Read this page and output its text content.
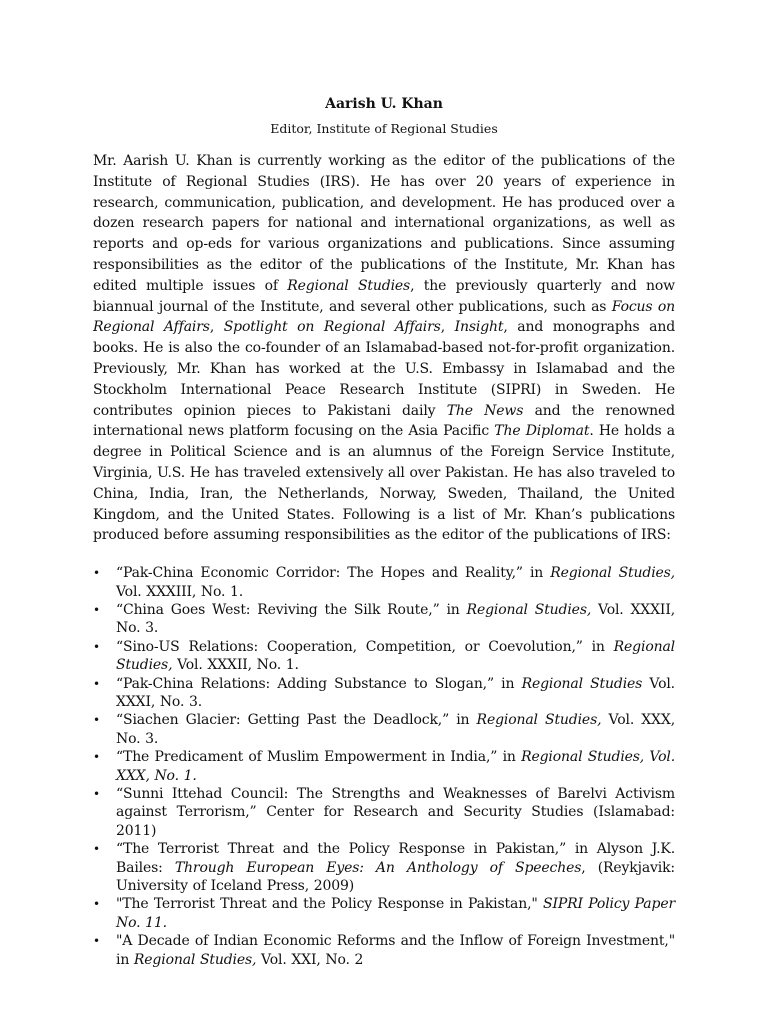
Aarish U. Khan

Editor, Institute of Regional Studies

Mr. Aarish U. Khan is currently working as the editor of the publications of the Institute of Regional Studies (IRS). He has over 20 years of experience in research, communication, publication, and development. He has produced over a dozen research papers for national and international organizations, as well as reports and op-eds for various organizations and publications. Since assuming responsibilities as the editor of the publications of the Institute, Mr. Khan has edited multiple issues of Regional Studies, the previously quarterly and now biannual journal of the Institute, and several other publications, such as Focus on Regional Affairs, Spotlight on Regional Affairs, Insight, and monographs and books. He is also the co-founder of an Islamabad-based not-for-profit organization. Previously, Mr. Khan has worked at the U.S. Embassy in Islamabad and the Stockholm International Peace Research Institute (SIPRI) in Sweden. He contributes opinion pieces to Pakistani daily The News and the renowned international news platform focusing on the Asia Pacific The Diplomat. He holds a degree in Political Science and is an alumnus of the Foreign Service Institute, Virginia, U.S. He has traveled extensively all over Pakistan. He has also traveled to China, India, Iran, the Netherlands, Norway, Sweden, Thailand, the United Kingdom, and the United States. Following is a list of Mr. Khan’s publications produced before assuming responsibilities as the editor of the publications of IRS:

• “Pak-China Economic Corridor: The Hopes and Reality,” in Regional Studies, Vol. XXXIII, No. 1.
• “China Goes West: Reviving the Silk Route,” in Regional Studies, Vol. XXXII, No. 3.
• “Sino-US Relations: Cooperation, Competition, or Coevolution,” in Regional Studies, Vol. XXXII, No. 1.
• “Pak-China Relations: Adding Substance to Slogan,” in Regional Studies Vol. XXXI, No. 3.
• “Siachen Glacier: Getting Past the Deadlock,” in Regional Studies, Vol. XXX, No. 3.
• “The Predicament of Muslim Empowerment in India,” in Regional Studies, Vol. XXX, No. 1.
• “Sunni Ittehad Council: The Strengths and Weaknesses of Barelvi Activism against Terrorism,” Center for Research and Security Studies (Islamabad: 2011)
• “The Terrorist Threat and the Policy Response in Pakistan,” in Alyson J.K. Bailes: Through European Eyes: An Anthology of Speeches, (Reykjavik: University of Iceland Press, 2009)
• "The Terrorist Threat and the Policy Response in Pakistan," SIPRI Policy Paper No. 11.
• "A Decade of Indian Economic Reforms and the Inflow of Foreign Investment," in Regional Studies, Vol. XXI, No. 2
